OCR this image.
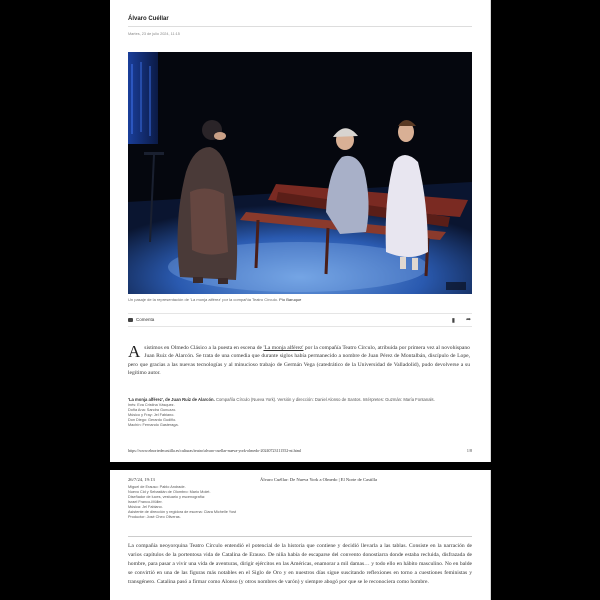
Álvaro Cuéllar
Martes, 23 de julio 2024, 11:15
Un pasaje de la representación de 'La monja alférez' por la compañía Teatro Círculo. Pío Baruque
Comenta	▮ ➦
Asistimos en Olmedo Clásico a la puesta en escena de 'La monja alférez' por la compañía Teatro Círculo, atribuida por primera vez al novohispano Juan Ruiz de Alarcón. Se trata de una comedia que durante siglos había permanecido a nombre de Juan Pérez de Montalbán, discípulo de Lope, pero que gracias a las nuevas tecnologías y al minucioso trabajo de Germán Vega (catedrático de la Universidad de Valladolid), pudo devolverse a su legítimo autor.
'La monja alférez', de Juan Ruiz de Alarcón. Compañía Círculo (Nueva York). Versión y dirección: Daniel Alonso de Santos. Intérpretes: Guzmán: María Fontanals.
Inés: Eva Cristina Vásquez.
Doña Ana: Sandra Gunuzzo.
Músico y Fray: Jel Fabiano.
Don Diego: Gerardo Gudiño.
Machín: Fernando Gasteraga.
https://www.elnortedecastilla.es/culturas/teatro/alvaro-cuellar-nueva-york-olmedo-20240723111552-nt.html	1/8
26/7/24, 19:13	Álvaro Cuéllar: De Nueva York a Olmedo | El Norte de Castilla
Miguel de Erauso: Pablo Andrade.
Nuevo Cid y Sebastián de Olombro: Mario Molet.
Diseñador de luces, vestuario y escenografía:
Israel Franco-Müller.
Música: Jel Fabiano.
Asistente de dirección y regidora de escena: Clara Michelle Yost
Productor: José Cheo Oliveras.
La compañía neoyorquina Teatro Círculo entendió el potencial de la historia que contiene y decidió llevarla a las tablas. Consiste en la narración de varios capítulos de la portentosa vida de Catalina de Erauso. De niña había de escaparse del convento donostiarra donde estaba recluida, disfrazada de hombre, para pasar a vivir una vida de aventuras, dirigir ejércitos en las Américas, enamorar a mil damas… y todo ello en hábito masculino. No en balde se convirtió en una de las figuras más notables en el Siglo de Oro y en nuestros días sigue suscitando reflexiones en torno a cuestiones feministas y transgénero. Catalina pasó a firmar como Alonso (y otros nombres de varón) y siempre abogó por que se le reconociera como hombre.
